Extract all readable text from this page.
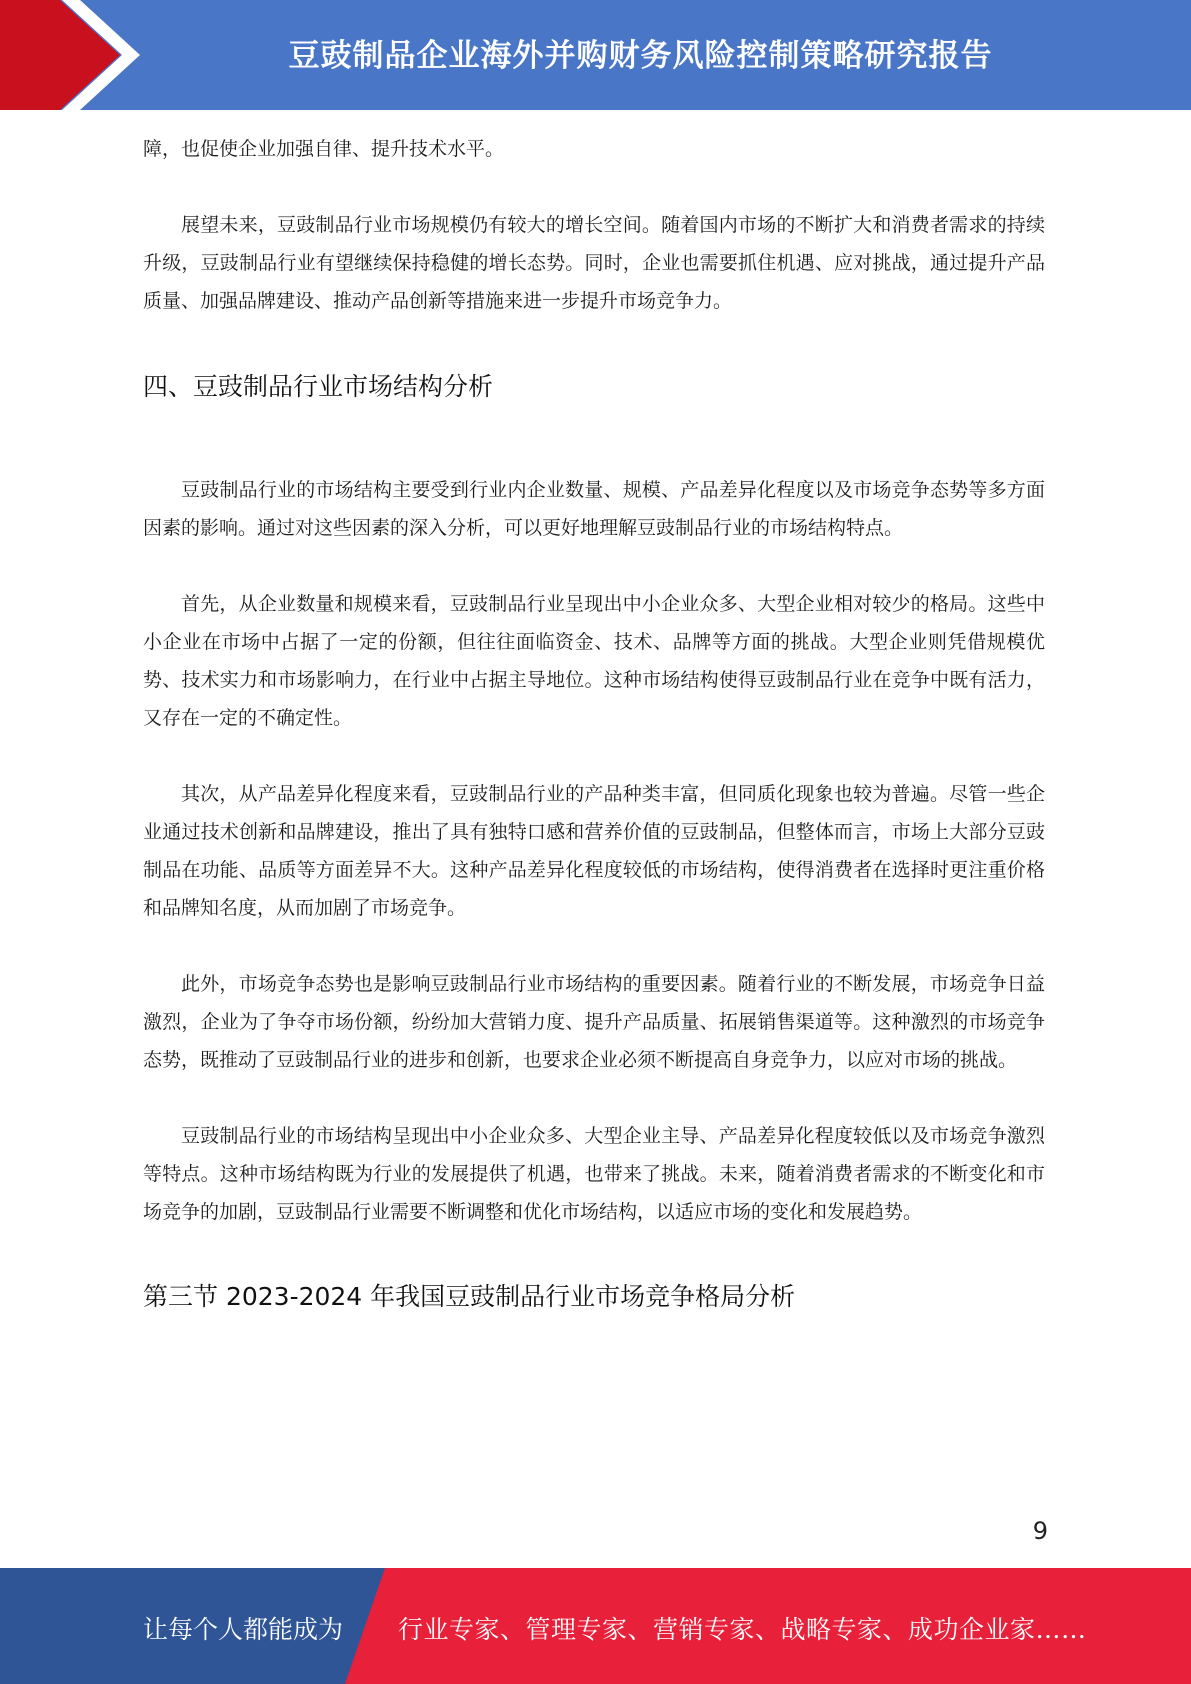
豆豉制品企业海外并购财务风险控制策略研究报告

障，也促使企业加强自律、提升技术水平。

展望未来，豆豉制品行业市场规模仍有较大的增长空间。随着国内市场的不断扩大和消费者需求的持续升级，豆豉制品行业有望继续保持稳健的增长态势。同时，企业也需要抓住机遇、应对挑战，通过提升产品质量、加强品牌建设、推动产品创新等措施来进一步提升市场竞争力。

四、豆豉制品行业市场结构分析

豆豉制品行业的市场结构主要受到行业内企业数量、规模、产品差异化程度以及市场竞争态势等多方面因素的影响。通过对这些因素的深入分析，可以更好地理解豆豉制品行业的市场结构特点。

首先，从企业数量和规模来看，豆豉制品行业呈现出中小企业众多、大型企业相对较少的格局。这些中小企业在市场中占据了一定的份额，但往往面临资金、技术、品牌等方面的挑战。大型企业则凭借规模优势、技术实力和市场影响力，在行业中占据主导地位。这种市场结构使得豆豉制品行业在竞争中既有活力，又存在一定的不确定性。

其次，从产品差异化程度来看，豆豉制品行业的产品种类丰富，但同质化现象也较为普遍。尽管一些企业通过技术创新和品牌建设，推出了具有独特口感和营养价值的豆豉制品，但整体而言，市场上大部分豆豉制品在功能、品质等方面差异不大。这种产品差异化程度较低的市场结构，使得消费者在选择时更注重价格和品牌知名度，从而加剧了市场竞争。

此外，市场竞争态势也是影响豆豉制品行业市场结构的重要因素。随着行业的不断发展，市场竞争日益激烈，企业为了争夺市场份额，纷纷加大营销力度、提升产品质量、拓展销售渠道等。这种激烈的市场竞争态势，既推动了豆豉制品行业的进步和创新，也要求企业必须不断提高自身竞争力，以应对市场的挑战。

豆豉制品行业的市场结构呈现出中小企业众多、大型企业主导、产品差异化程度较低以及市场竞争激烈等特点。这种市场结构既为行业的发展提供了机遇，也带来了挑战。未来，随着消费者需求的不断变化和市场竞争的加剧，豆豉制品行业需要不断调整和优化市场结构，以适应市场的变化和发展趋势。

第三节 2023-2024 年我国豆豉制品行业市场竞争格局分析
9
让每个人都能成为 行业专家、管理专家、营销专家、战略专家、成功企业家……
